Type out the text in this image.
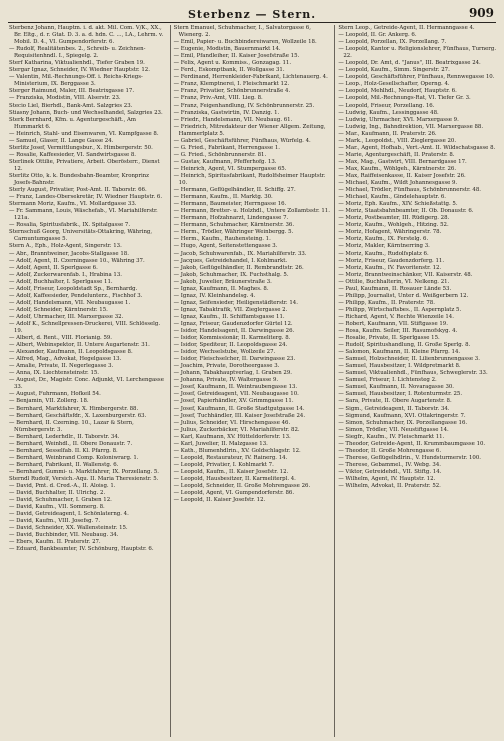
Sterbenz — Stern.	909
Sterbenz Johann, Hauptm. i. d. akt. Mil. Com. V/K., XX., Br. Eltg., d. r. Gtat. D. 3. a. d. hdn. C. ..., LA., Lehrm. v. Mobil. D. 4., VI. Gumpendorferstr. 6.
— Rudolf, Realitätenbes. 2., Schreib- u. Zeichnen-Requisitenhndl. I., Spiegelg. 2.
Sterf Katharina, Viktualienhdl., Tiefer Graben 19.
Stergar Ignaz, Schneider, IV. Wiedner Hauptstr. 12.
— Valentin, Mil.-Rechnungs-Off. i. Reichs-Kriegs-Ministerium, IX. Berggasse 3.
Sterger Raimund, Maler, III. Beatrixgasse 17.
— Franziska, Modistin, VIII. Alserstr. 23.
Stecio Liel, Bierhdl., Bank-Amt. Salzgries 23.
Stiasny Johann, Buch- und Wechselhandel, Salzgries 23.
Sterk Bernhard, Kfm. u. Agenturgeschäft., Am Hummarkt 6.
— Heinrich, Stahl- und Eisenwaren, VI. Kumpfgasse 8.
— Samuel, Glaser, II. Lange Gasse 24.
Sterlitz Josef, Vermittlungsbur., X. Himbergerstr. 50.
— Rosalie, Kaffeesieder, VI. Sandwirtsgasse 8.
Sterlinek Ottilie, Privatiere, Arbeit. Oberösterr., Dienst 12.
Sterlitz Otto, k. k. Bundesbahn-Beamter, Kronprinz Josefs-Bahnstr.
Sterly August, Privatier, Post-Amt. II. Taborstr. 66.
— Franz, Landes-Obersekretär, IV. Wiedner Hauptstr. 6.
Stermann Moriz, Kaufm., VI. Mollardgasse 33.
— Fr. Sammann, Louis, Wäschefab., VI. Mariahilferstr. 121a.
— Rosalia, Spiritusfabrik., IX. Spitalgasse 7.
Sternschuß Georg, Universitäts-Ottakring, Währing, Carnuntumgasse 5.
Stern A., Eph., Holz-Agent, Singerstr. 13.
— Abr., Branntweiner, Jacobs-Stallgasse 18.
— Adolf, Agent, II. Czerningasse 10., Währing 37.
— Adolf, Agent, II. Sperlgasse 6.
— Adolf, Zuckerwarenfab. I., Hrabina 13.
— Adolf, Buchhalter, I. Sperlgasse 11.
— Adolf, Friseur, Leopoldstadt Sp., Bernhardg.
— Adolf, Kaffeesieder, Pendelunterz., Fischhof 3.
— Adolf, Handelsmann, VII. Neubaugasse 1.
— Adolf, Schneider, Kärntnerstr. 15.
— Adolf, Uhrmacher, III. Marxergasse 32.
— Adolf K., Schnellpressen-Druckerei, VIII. Schlösselg. 19.
— Albert, d. Rent., VIII. Florianig. 59.
— Albert, Webinspektor, II. Untere Augartenstr. 31.
— Alexander, Kaufmann, II. Leopoldsgasse 8.
— Alfred, Mag., Advokat, Hegelgasse 13.
— Amalie, Private, II. Negerlegasse 3.
— Anna, IX. Liechtensteinstr. 15.
— August, Dr., Magistr. Conc. Adjunkt, VI. Lerchengasse 33.
— August, Fuhrmann, Hofkeil 54.
— Benjamin, VII. Zollerg. 18.
— Bernhard, Marktfahrer, X. Himbergerstr. 88.
— Bernhard, Geschäftsfdr., X. Laxenburgerstr. 63.
— Bernhard, II. Czerning. 10., Lazar & Stern, Nürnbergerstr. 3.
— Bernhard, Lederhdlr., II. Taborstr. 34.
— Bernhard, Weinhdl., II. Obere Donaustr. 7.
— Bernhard, Sesselfab. II. Kl. Pfarrg. 8.
— Bernhard, Weinbrand Comp. Koloniwrarg. 1.
— Bernhard, Fabrikant, II. Wallenstg. 6.
— Bernhard, Gummi- u. Marktfahrer, IX. Porzellang. 5.
Sterndl Rudolf, Versich.-Aqu. II. Maria Theresienstr. 5.
— David, Pmt. d. Cred.-A., II. Aloisg. 1.
— David, Buchhalter, II. Ulrichg. 2.
— David, Schuhmacher, I. Graben 12.
— David, Kaufm., VII. Sommerg. 8.
— David, Getreideagent, I. Schönlaterng. 4.
— David, Kaufm., VIII. Josefsg. 7.
— David, Schneider, XX. Wallensteinstr. 15.
— David, Buchbinder, VII. Neubaug. 34.
— Ebers, Kaufm. II. Praterstr. 27.
— Eduard, Bankbeamter, IV. Schönburg, Hauptstr. 6.
Stern Emanuel, Schuhmacher, I., Salvatorgasse 6, Wienerg. 2.
— Emil, Papier- u. Buchbindereiwaren, Wollzeile 18.
— Eugenie, Modistin, Bauernmarkt 14.
— Emil, Pfandleiher, II. Kaiser Josefstraße 15.
— Felix, Agent u. Kommiss., Gonzagag. 11.
— Ferd., Eskomptbank, II. Wollgasse 31.
— Ferdinand, Herrenkleider-Fabrikant, Lichtenauerg. 4.
— Franz, Klemptnerei, I. Fleischmarkt 12.
— Franz, Privatier, Schönbrunnerstraße 4.
— Franz, Priv.-Amt, VIII. Lieg. 8.
— Franz, Feigenhandlung, IV. Schönbrunnerstr. 25.
— Franziska, Gastwirtin, IV. Danzig. 1.
— Friedr., Handelsmann, VII. Neubaug. 61.
— Friedrich, Mitredakteur der Wiener Allgem. Zeitung, Hammerlplatz 5.
— Gabriel, Geschäftsführer, Fünfhaus, Würfelg. 4.
— G. Fried., Fabrikant, Herrengasse 1.
— G. Fried., Schönbrunnerstr. 81.
— Gustav, Kaufmann, Pfefferhofg. 13.
— Heinrich, Agent, VI. Stumpergasse 65.
— Heinrich, Spiritusfabrikant, Rudolfsheimer Hauptstr. 10.
— Hermann, Geflügelhändler, II. Schiffg. 27.
— Hermann, Kaufm., II. Marktg. 30.
— Hermann, Baumeister, Herrngasse 16.
— Hermann, Bretter- u. Holzhdl., Untere Zollamtsstr. 11.
— Hermann, Hofzahnarzt, Lindengasse 7.
— Hermann, Schuhmacher, Kärntnerstr. 36.
— Herm., Trödler, Währinger Weinbergg. 5.
— Herm., Kaufm., Rauhensteing. 1.
— Hugo, Agent, Seitenstettengasse 3.
— Jacob, Schuhwarenfab., IX. Mariahilferstr. 33.
— Jacques, Getreidehandel, I. Kohlmarkt.
— Jakob, Geflügelhändler, II. Rembrandtstr. 26.
— Jakob, Schuhmacher, IX. Fuchsthalg. 5.
— Jakob, Juwelier, Bräunerstraße 3.
— Ignaz, Kaufmann, II. Maghes. 8.
— Ignaz, IV. Kleinhandelsg. 4.
— Ignaz, Seifensieder, Heiligenstädterstr. 14.
— Ignaz, Tabaktrafik, VII. Zieglergasse 2.
— Ignaz, Kaufm., II. Schiffamtsgasse 11.
— Ignaz, Friseur, Gaudenzdorfer Gürtel 12.
— Isidor, Handelsagent, II. Darwingasse 26.
— Isidor, Kommissionär, II. Karmeliterg. 8.
— Isidor, Spediteur, II. Leopoldsgasse 24.
— Isidor, Wechselstube, Wollzeile 27.
— Isidor, Fleischselcher, II. Darwingasse 23.
— Joachim, Private, Dorotheergasse 3.
— Johann, Tabakhauptverlag, I. Graben 29.
— Johanna, Private, IV. Waltergasse 9.
— Josef, Kaufmann, II. Weintraubengasse 13.
— Josef, Getreideagent, VII. Neubaugasse 10.
— Josef, Papierhändler, XV. Grimmgasse 11.
— Josef, Kaufmann, II. Große Stadtgutgasse 14.
— Josef, Tuchhändler, III. Kaiser Josefstraße 24.
— Julius, Schneider, VI. Hirschengasse 46.
— Julius, Zuckerbäcker, VI. Mariahilferstr. 82.
— Karl, Kaufmann, XV. Hütteldorferstr. 13.
— Karl, Juwelier, II. Malzgasse 13.
— Kath., Blumenhdlrin., XV. Goldschlagstr. 12.
— Leopold, Restaurateur, IV. Rainerg. 14.
— Leopold, Privatier, I. Kohlmarkt 7.
— Leopold, Kaufm., II. Kaiser Josefstr. 12.
— Leopold, Hausbesitzer, II. Karmeliterpl. 4.
— Leopold, Schneider, II. Große Mohrengasse 26.
— Leopold, Agent, VI. Gumpendorferstr. 86.
— Leopold, II. Kaiser Josefstr. 12.
Stern Leop., Getreide-Agent, II. Hermanngasse 4.
— Leopold, II. Gr. Ankerg. 6.
— Leopold, Porzellan, IX. Porzellang. 7.
— Leopold, Kantor u. Religionslehrer, Fünfhaus, Turnerg. 22.
— Leopold, Dr. Amt, d. "Janus", III. Beatrixgasse 24.
— Leopold, Kaufm., Simm. Singerstr. 27.
— Leopold, Geschäftsführer, Fünfhaus, Rennwegasse 10.
— Leop., Holz-Gesellschafter, Operng. 4.
— Leopold, Mehlhdl., Neudorf, Hauptstr. 6.
— Leopold, Mil.-Rechnungs-Rat, VI. Tiefer Gr. 3.
— Leopold, Friseur, Porzellang. 16.
— Ludwig, Kaufm., Lessinggasse 48.
— Ludwig, Uhrmacher, XVI. Marxergasse 9.
— Ludwig, Ing., Bahndirektion, VII. Marxergasse 88.
— Mar., Kaufmann, II. Praterstr. 26.
— Mark., Leopoldst., VIII. Zieglergasse 20.
— Mar., Agent, Hofhab., Vert.-Amt. II. Wildschatsgasse 8.
— Marie, Agenturgeschäft, II. Praterstr. 8.
— Max, Mag., Gastwirt, VIII. Bernardgasse 17.
— Max, Kaufm., Wöhlgeh., Kärntnerstr. 26.
— Max, Raiffeisenkasse, II. Kaiser Josefstr. 26.
— Michael, Kaufm., Wildt Johannesgasse 9.
— Michael, Trödler, Fünfhaus, Schönbrunnerstr. 48.
— Michael, Kaufm., Gindelehauptstr. 6.
— Moriz, Eph. Kaufm., XIV. Schießstattg. 5.
— Moriz, Staatsbahnbeamter, II. Ob. Donaustr. 6.
— Moriz, Postbeamter, III. Rüdigerg. 28.
— Moriz, Kaufm., Wohlgeh., Hitzing. 52.
— Moriz, Hofagent, Währingerstr. 78.
— Moriz, Kaufm., IX. Ferstelg. 6.
— Moriz, Makler, Kärntnerring 3.
— Moriz, Kaufm., Rudolfsplatz 6.
— Moriz, Friseur, Gaudenzdorferg. 11.
— Moriz, Kaufm., IV. Favoritenstr. 12.
— Moriz, Branntweinschänker, VII. Kaiserstr. 48.
— Ottilie, Buchhalterin, VI. Nelkeng. 21.
— Paul, Kaufmann, II. Rosauer Lände 53.
— Philipp, Journalist, Unter d. Weißgerbern 12.
— Philipp, Kaufm., II. Praterstr. 78.
— Philipp, Wirtschaftsbes., II. Aspernplatz 5.
— Richard, Agent, V. Rechte Wienzeile 14.
— Robert, Kaufmann, VII. Stiftgasse 19.
— Rosa, Kaufm. Seiler, III. Rasumofskyg. 4.
— Rosalie, Private, II. Sperlgasse 15.
— Rudolf, Spiritushandlung, II. Große Sperlg. 8.
— Salomon, Kaufmann, II. Kleine Pfarrg. 14.
— Samuel, Holzschneider, II. Lilienbrunnengasse 3.
— Samuel, Hausbesitzer, I. Wildpretmarkt 8.
— Samuel, Viktualienhdl., Fünfhaus, Schweglerstr. 33.
— Samuel, Friseur, I. Lichtensteg 2.
— Samuel, Kaufmann, II. Novaragasse 30.
— Samuel, Hausbesitzer, I. Rotenturmstr. 25.
— Sara, Private, II. Obere Augartenstr. 8.
— Sigm., Getreideagent, II. Taborstr. 34.
— Sigmund, Kaufmann, XVI. Ottakringerstr. 7.
— Simon, Schuhmacher, IX. Porzellangasse 16.
— Simon, Trödler, VII. Neustiftgasse 14.
— Siegfr., Kaufm., IV. Fleischmarkt 11.
— Theodor, Getreide-Agent, II. Krummbaumgasse 10.
— Theodor, II. Große Mohrengasse 6.
— Therese, Geflügelhdlrin., V. Hundsturmerstr. 100.
— Therese, Gebammel., IV. Webg. 34.
— Viktor, Getreidehdl., VII. Stiftg. 14.
— Wilhelm, Agent, IV. Hauptstr. 12.
— Wilhelm, Advokat, II. Praterstr. 52.
